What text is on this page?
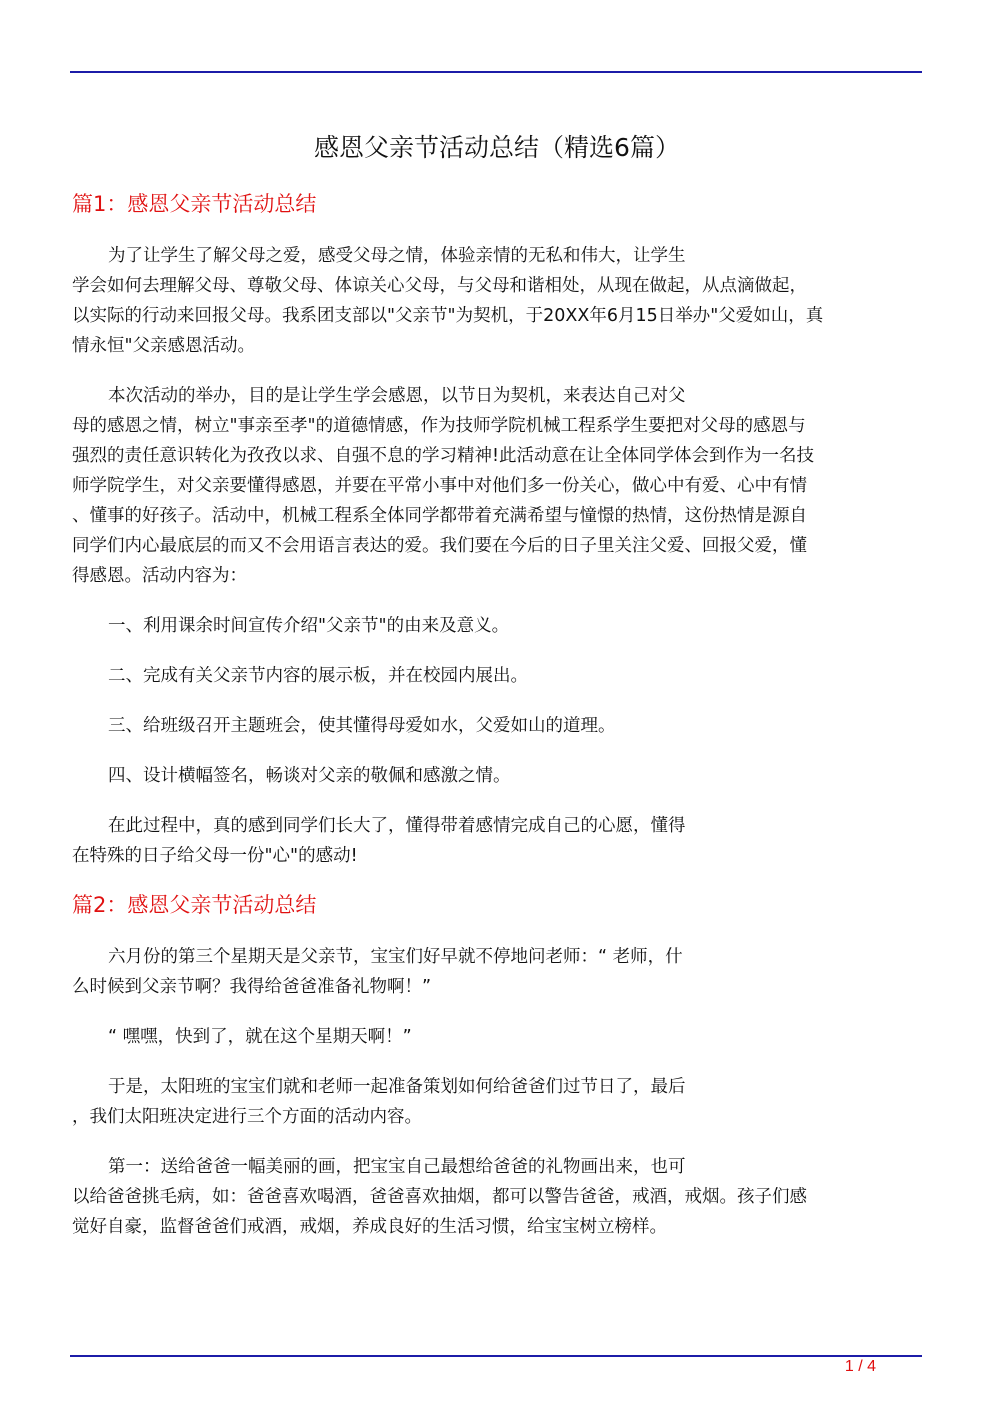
感恩父亲节活动总结（精选6篇）
篇1：感恩父亲节活动总结
为了让学生了解父母之爱，感受父母之情，体验亲情的无私和伟大，让学生
学会如何去理解父母、尊敬父母、体谅关心父母，与父母和谐相处，从现在做起，从点滴做起，
以实际的行动来回报父母。我系团支部以"父亲节"为契机，于20XX年6月15日举办"父爱如山，真
情永恒"父亲感恩活动。
本次活动的举办，目的是让学生学会感恩，以节日为契机，来表达自己对父
母的感恩之情，树立"事亲至孝"的道德情感，作为技师学院机械工程系学生要把对父母的感恩与
强烈的责任意识转化为孜孜以求、自强不息的学习精神!此活动意在让全体同学体会到作为一名技
师学院学生，对父亲要懂得感恩，并要在平常小事中对他们多一份关心，做心中有爱、心中有情
、懂事的好孩子。活动中，机械工程系全体同学都带着充满希望与憧憬的热情，这份热情是源自
同学们内心最底层的而又不会用语言表达的爱。我们要在今后的日子里关注父爱、回报父爱，懂
得感恩。活动内容为：
一、利用课余时间宣传介绍"父亲节"的由来及意义。
二、完成有关父亲节内容的展示板，并在校园内展出。
三、给班级召开主题班会，使其懂得母爱如水，父爱如山的道理。
四、设计横幅签名，畅谈对父亲的敬佩和感激之情。
在此过程中，真的感到同学们长大了，懂得带着感情完成自己的心愿，懂得
在特殊的日子给父母一份"心"的感动!
篇2：感恩父亲节活动总结
六月份的第三个星期天是父亲节，宝宝们好早就不停地问老师：“ 老师，什
么时候到父亲节啊？我得给爸爸准备礼物啊！”
“ 嘿嘿，快到了，就在这个星期天啊！”
于是，太阳班的宝宝们就和老师一起准备策划如何给爸爸们过节日了，最后
，我们太阳班决定进行三个方面的活动内容。
第一：送给爸爸一幅美丽的画，把宝宝自己最想给爸爸的礼物画出来，也可
以给爸爸挑毛病，如：爸爸喜欢喝酒，爸爸喜欢抽烟，都可以警告爸爸，戒酒，戒烟。孩子们感
觉好自豪，监督爸爸们戒酒，戒烟，养成良好的生活习惯，给宝宝树立榜样。
1 / 4
